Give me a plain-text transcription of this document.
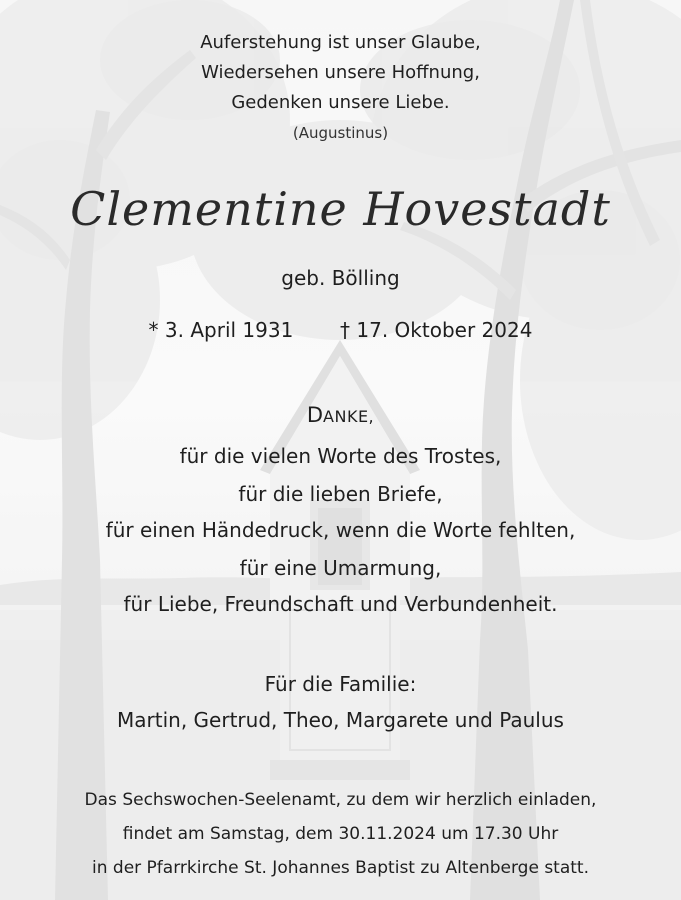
Auferstehung ist unser Glaube,
Wiedersehen unsere Hoffnung,
Gedenken unsere Liebe.
(Augustinus)
Clementine Hovestadt
geb. Bölling
* 3. April 1931 † 17. Oktober 2024
DANKE,
für die vielen Worte des Trostes,
für die lieben Briefe,
für einen Händedruck, wenn die Worte fehlten,
für eine Umarmung,
für Liebe, Freundschaft und Verbundenheit.
Für die Familie:
Martin, Gertrud, Theo, Margarete und Paulus
Das Sechswochen-Seelenamt, zu dem wir herzlich einladen,
findet am Samstag, dem 30.11.2024 um 17.30 Uhr
in der Pfarrkirche St. Johannes Baptist zu Altenberge statt.
